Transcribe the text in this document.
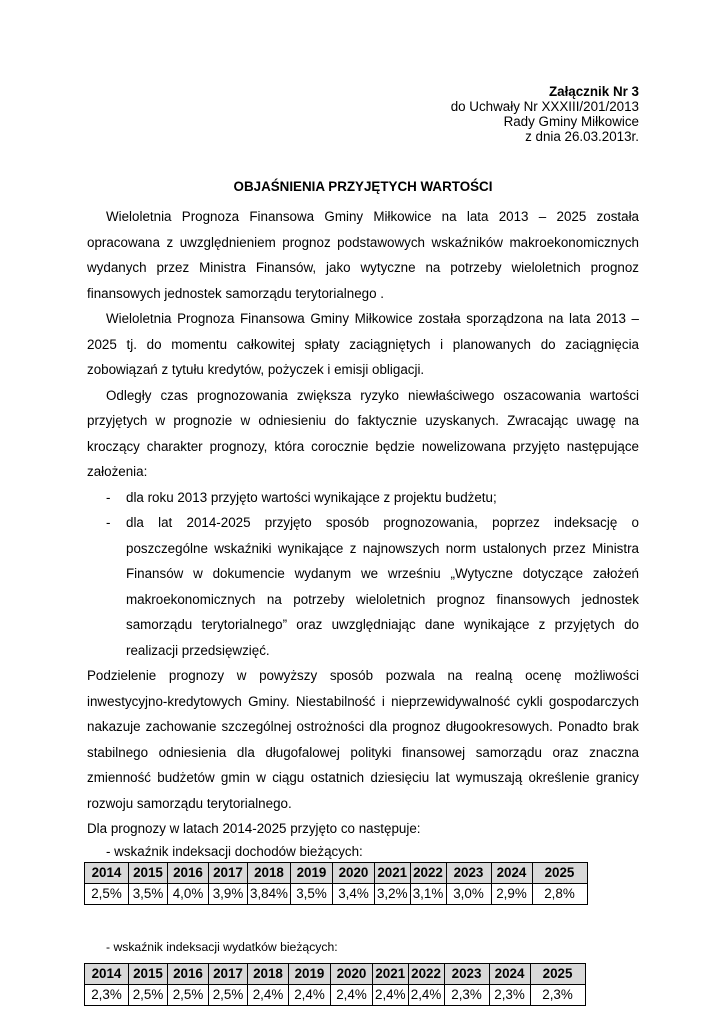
Załącznik Nr 3
do Uchwały Nr XXXIII/201/2013
Rady Gminy Miłkowice
z dnia 26.03.2013r.
OBJAŚNIENIA PRZYJĘTYCH WARTOŚCI

Wieloletnia Prognoza Finansowa Gminy Miłkowice na lata 2013 – 2025 została opracowana z uwzględnieniem prognoz podstawowych wskaźników makroekonomicznych wydanych przez Ministra Finansów, jako wytyczne na potrzeby wieloletnich prognoz finansowych jednostek samorządu terytorialnego .

Wieloletnia Prognoza Finansowa Gminy Miłkowice została sporządzona na lata 2013 – 2025 tj. do momentu całkowitej spłaty zaciągniętych i planowanych do zaciągnięcia zobowiązań z tytułu kredytów, pożyczek i emisji obligacji.

Odległy czas prognozowania zwiększa ryzyko niewłaściwego oszacowania wartości przyjętych w prognozie w odniesieniu do faktycznie uzyskanych. Zwracając uwagę na kroczący charakter prognozy, która corocznie będzie nowelizowana przyjęto następujące założenia:

- dla roku 2013 przyjęto wartości wynikające z projektu budżetu;

- dla lat 2014-2025 przyjęto sposób prognozowania, poprzez indeksację o poszczególne wskaźniki wynikające z najnowszych norm ustalonych przez Ministra Finansów w dokumencie wydanym we wrześniu „Wytyczne dotyczące założeń makroekonomicznych na potrzeby wieloletnich prognoz finansowych jednostek samorządu terytorialnego” oraz uwzględniając dane wynikające z przyjętych do realizacji przedsięwzięć.

Podzielenie prognozy w powyższy sposób pozwala na realną ocenę możliwości inwestycyjno-kredytowych Gminy. Niestabilność i nieprzewidywalność cykli gospodarczych nakazuje zachowanie szczególnej ostrożności dla prognoz długookresowych. Ponadto brak stabilnego odniesienia dla długofalowej polityki finansowej samorządu oraz znaczna zmienność budżetów gmin w ciągu ostatnich dziesięciu lat wymuszają określenie granicy rozwoju samorządu terytorialnego.

Dla prognozy w latach 2014-2025 przyjęto co następuje:

- wskaźnik indeksacji dochodów bieżących:

2014	2015	2016	2017	2018	2019	2020	2021	2022	2023	2024	2025
2,5%	3,5%	4,0%	3,9%	3,84%	3,5%	3,4%	3,2%	3,1%	3,0%	2,9%	2,8%

- wskaźnik indeksacji wydatków bieżących:

2014	2015	2016	2017	2018	2019	2020	2021	2022	2023	2024	2025
2,3%	2,5%	2,5%	2,5%	2,4%	2,4%	2,4%	2,4%	2,4%	2,3%	2,3%	2,3%
